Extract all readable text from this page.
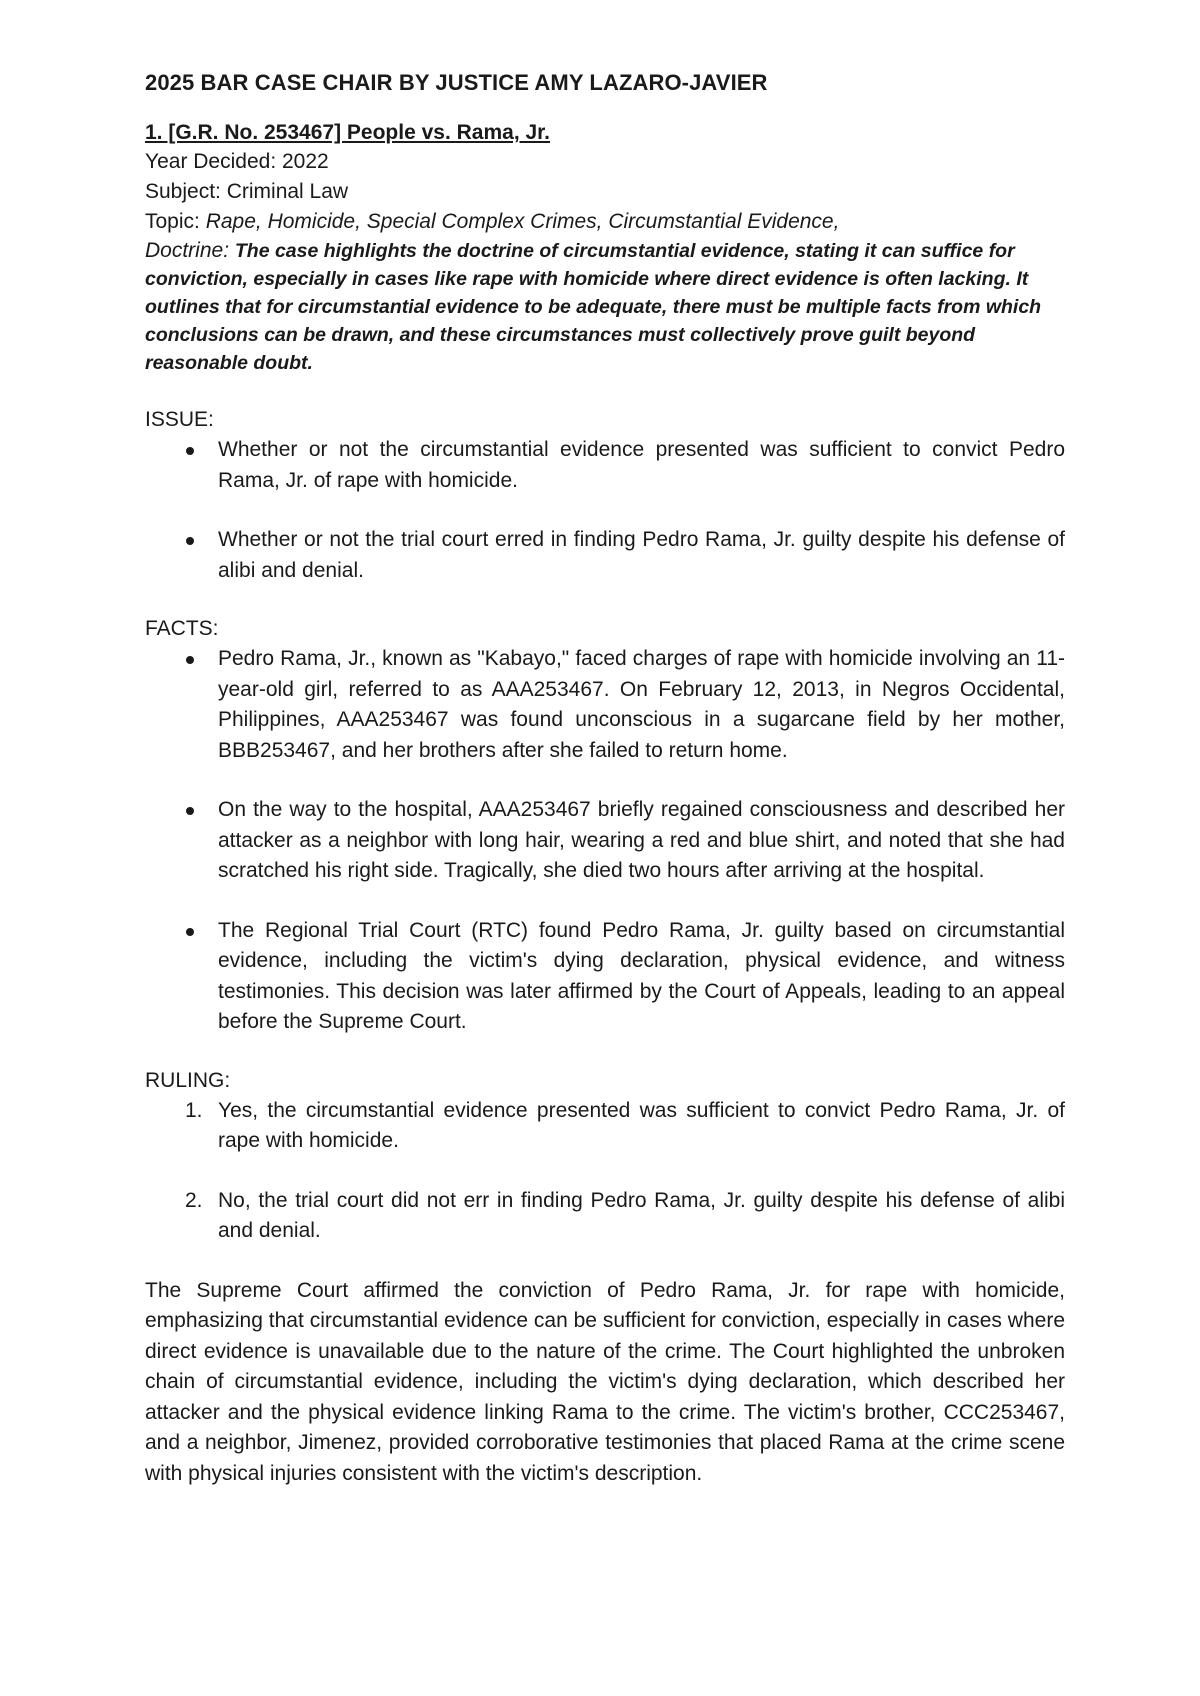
2025 BAR CASE CHAIR BY JUSTICE AMY LAZARO-JAVIER

1. [G.R. No. 253467] People vs. Rama, Jr.

Year Decided: 2022

Subject: Criminal Law

Topic: Rape, Homicide, Special Complex Crimes, Circumstantial Evidence,

Doctrine: The case highlights the doctrine of circumstantial evidence, stating it can suffice for conviction, especially in cases like rape with homicide where direct evidence is often lacking. It outlines that for circumstantial evidence to be adequate, there must be multiple facts from which conclusions can be drawn, and these circumstances must collectively prove guilt beyond reasonable doubt.

ISSUE:

Whether or not the circumstantial evidence presented was sufficient to convict Pedro Rama, Jr. of rape with homicide.
Whether or not the trial court erred in finding Pedro Rama, Jr. guilty despite his defense of alibi and denial.

FACTS:

Pedro Rama, Jr., known as "Kabayo," faced charges of rape with homicide involving an 11-year-old girl, referred to as AAA253467. On February 12, 2013, in Negros Occidental, Philippines, AAA253467 was found unconscious in a sugarcane field by her mother, BBB253467, and her brothers after she failed to return home.
On the way to the hospital, AAA253467 briefly regained consciousness and described her attacker as a neighbor with long hair, wearing a red and blue shirt, and noted that she had scratched his right side. Tragically, she died two hours after arriving at the hospital.
The Regional Trial Court (RTC) found Pedro Rama, Jr. guilty based on circumstantial evidence, including the victim's dying declaration, physical evidence, and witness testimonies. This decision was later affirmed by the Court of Appeals, leading to an appeal before the Supreme Court.

RULING:

1. Yes, the circumstantial evidence presented was sufficient to convict Pedro Rama, Jr. of rape with homicide.
2. No, the trial court did not err in finding Pedro Rama, Jr. guilty despite his defense of alibi and denial.

The Supreme Court affirmed the conviction of Pedro Rama, Jr. for rape with homicide, emphasizing that circumstantial evidence can be sufficient for conviction, especially in cases where direct evidence is unavailable due to the nature of the crime. The Court highlighted the unbroken chain of circumstantial evidence, including the victim's dying declaration, which described her attacker and the physical evidence linking Rama to the crime. The victim's brother, CCC253467, and a neighbor, Jimenez, provided corroborative testimonies that placed Rama at the crime scene with physical injuries consistent with the victim's description.
